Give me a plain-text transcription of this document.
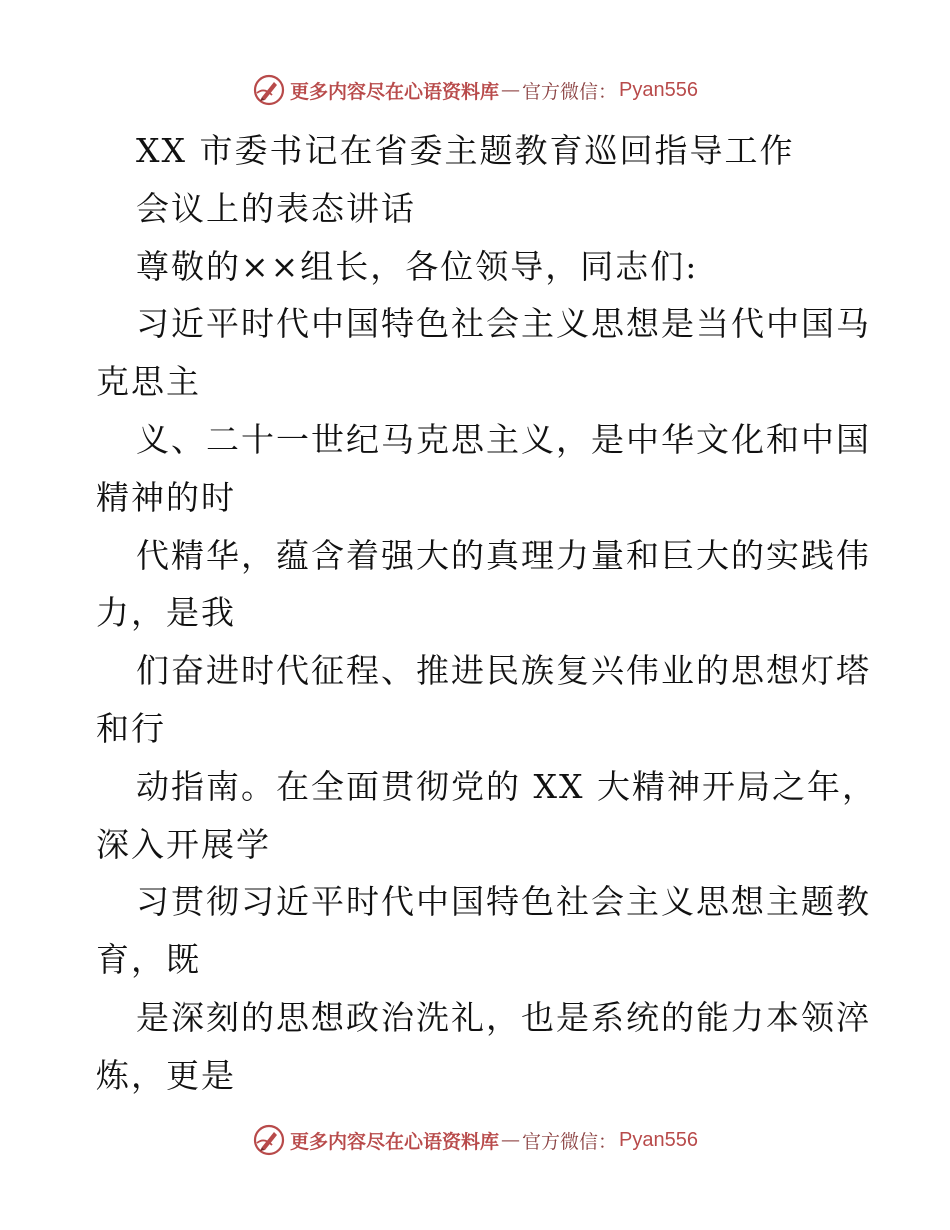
更多内容尽在心语资料库 — 官方微信 ： Pyan556
XX 市委书记在省委主题教育巡回指导工作
会议上的表态讲话
尊敬的××组长，各位领导，同志们:
习近平时代中国特色社会主义思想是当代中国马
克思主
义、二十一世纪马克思主义，是中华文化和中国
精神的时
代精华，蕴含着强大的真理力量和巨大的实践伟
力，是我
们奋进时代征程、推进民族复兴伟业的思想灯塔
和行
动指南。在全面贯彻党的 XX 大精神开局之年，
深入开展学
习贯彻习近平时代中国特色社会主义思想主题教
育，既
是深刻的思想政治洗礼，也是系统的能力本领淬
炼，更是
更多内容尽在心语资料库 — 官方微信 ： Pyan556
